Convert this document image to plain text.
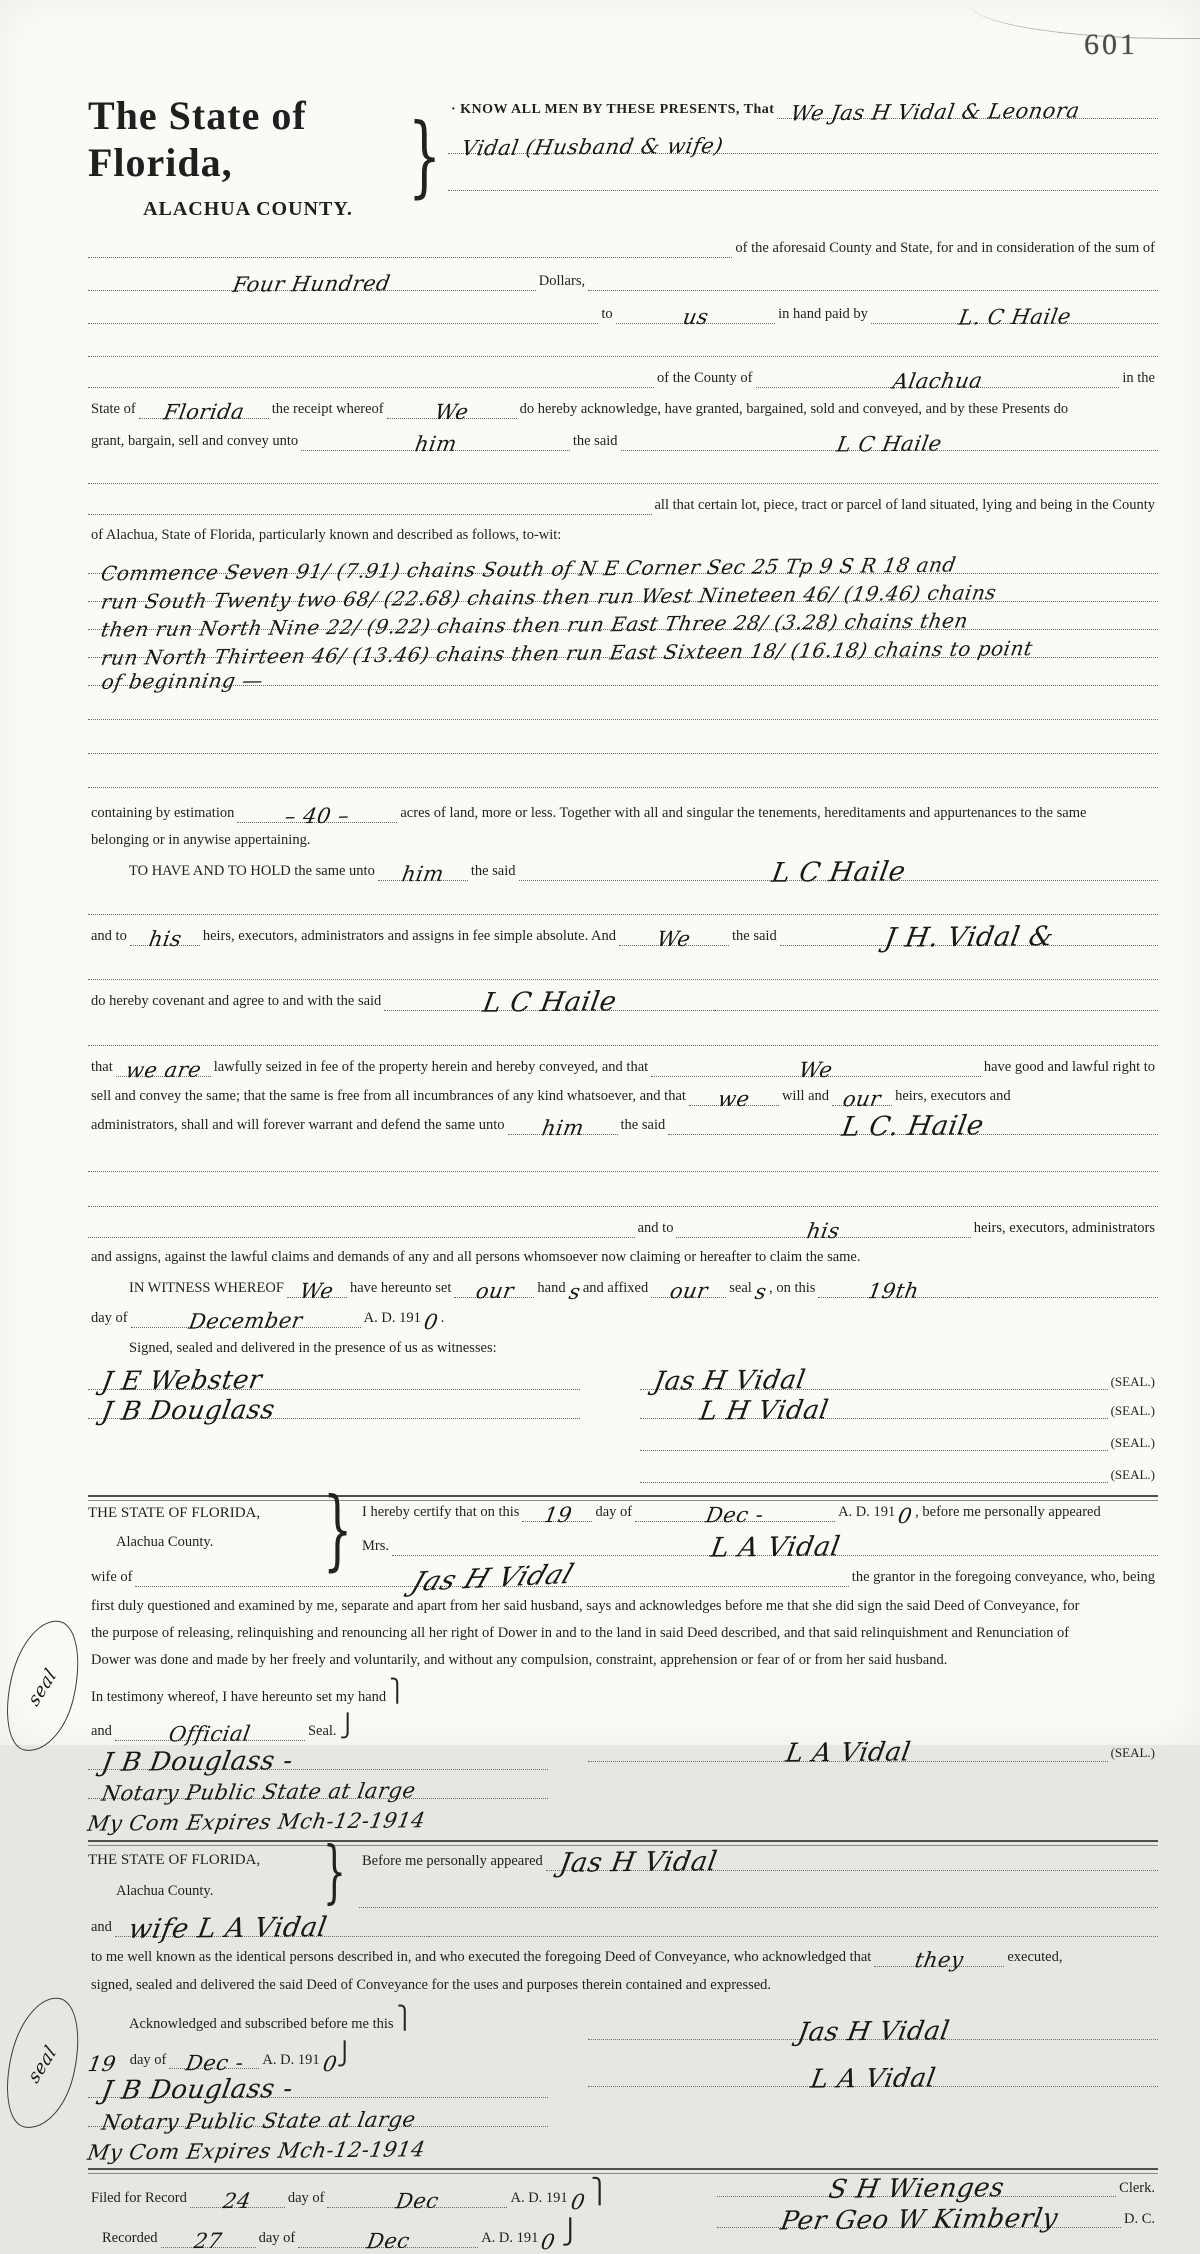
601
The State of Florida,
ALACHUA COUNTY.
} · KNOW ALL MEN BY THESE PRESENTS, That We Jas H Vidal & Leonora
Vidal (Husband & wife)
of the aforesaid County and State, for and in consideration of the sum of
Four Hundred	Dollars,
to	us	in hand paid by	L. C Haile
of the County of	Alachua	in the
State of Florida the receipt whereof We	do hereby acknowledge, have granted, bargained, sold and conveyed, and by these Presents do
grant, bargain, sell and convey unto	him	the said	L C Haile
all that certain lot, piece, tract or parcel of land situated, lying and being in the County
of Alachua, State of Florida, particularly known and described as follows, to-wit:
Commence Seven 91/ (7.91) chains South of N E Corner Sec 25 Tp 9 S R 18 and
run South Twenty two 68/ (22.68) chains then run West Nineteen 46/ (19.46) chains
then run North Nine 22/ (9.22) chains then run East Three 28/ (3.28) chains then
run North Thirteen 46/ (13.46) chains then run East Sixteen 18/ (16.18) chains to point
of beginning —
containing by estimation – 40 –	acres of land, more or less. Together with all and singular the tenements, hereditaments and appurtenances to the same
belonging or in anywise appertaining.
TO HAVE AND TO HOLD the same unto him the said	L C Haile
and to his heirs, executors, administrators and assigns in fee simple absolute. And We	the said	J H. Vidal &
do hereby covenant and agree to and with the said	L C Haile
that we are lawfully seized in fee of the property herein and hereby conveyed, and that	We	have good and lawful right to
sell and convey the same; that the same is free from all incumbrances of any kind whatsoever, and that we will and our heirs, executors and
administrators, shall and will forever warrant and defend the same unto him the said	L C. Haile
and to	his	heirs, executors, administrators
and assigns, against the lawful claims and demands of any and all persons whomsoever now claiming or hereafter to claim the same.
IN WITNESS WHEREOF We have hereunto set our hand s and affixed our seal s , on this 19th
day of	December	A. D. 191 0 .
Signed, sealed and delivered in the presence of us as witnesses:
J E Webster	Jas H Vidal	(SEAL.)
J B Douglass	L H Vidal	(SEAL.)
(SEAL.)
(SEAL.)
THE STATE OF FLORIDA,
Alachua County.	} I hereby certify that on this 19 day of	Dec -	A. D. 191 0 , before me personally appeared
Mrs.	L A Vidal
wife of	Jas H Vidal	the grantor in the foregoing conveyance, who, being
first duly questioned and examined by me, separate and apart from her said husband, says and acknowledges before me that she did sign the said Deed of Conveyance, for
the purpose of releasing, relinquishing and renouncing all her right of Dower in and to the land in said Deed described, and that said relinquishment and Renunciation of
Dower was done and made by her freely and voluntarily, and without any compulsion, constraint, apprehension or fear of or from her said husband.
In testimony whereof, I have hereunto set my hand ⎫
and	Official	Seal. ⎭
J B Douglass -
Notary Public State at large
My Com Expires Mch-12-1914
L A Vidal	(SEAL.)
seal
THE STATE OF FLORIDA,
Alachua County.	} Before me personally appeared Jas H Vidal
and wife L A Vidal
to me well known as the identical persons described in, and who executed the foregoing Deed of Conveyance, who acknowledged that they	executed,
signed, sealed and delivered the said Deed of Conveyance for the uses and purposes therein contained and expressed.
Acknowledged and subscribed before me this ⎫
19 day of Dec - A. D. 191 0
⎭
J B Douglass -
Notary Public State at large
My Com Expires Mch-12-1914
Jas H Vidal
L A Vidal
seal
Filed for Record 24 day of	Dec	A. D. 191 0 ⎫
Recorded 27 day of	Dec	A. D. 191 0 ⎭
S H Wienges	Clerk.
Per Geo W Kimberly	D. C.
